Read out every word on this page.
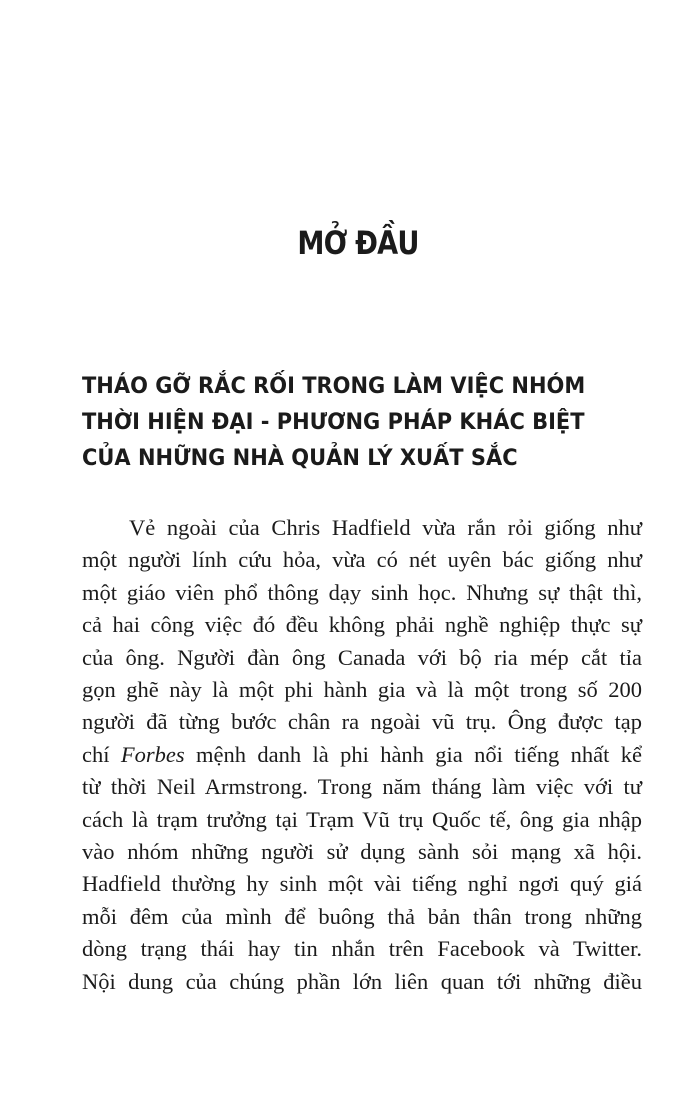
MỞ ĐẦU
THÁO GỠ RẮC RỐI TRONG LÀM VIỆC NHÓM
THỜI HIỆN ĐẠI - PHƯƠNG PHÁP KHÁC BIỆT
CỦA NHỮNG NHÀ QUẢN LÝ XUẤT SẮC
Vẻ ngoài của Chris Hadfield vừa rắn rỏi giống như
một người lính cứu hỏa, vừa có nét uyên bác giống như
một giáo viên phổ thông dạy sinh học. Nhưng sự thật thì,
cả hai công việc đó đều không phải nghề nghiệp thực sự
của ông. Người đàn ông Canada với bộ ria mép cắt tỉa
gọn ghẽ này là một phi hành gia và là một trong số 200
người đã từng bước chân ra ngoài vũ trụ. Ông được tạp
chí Forbes mệnh danh là phi hành gia nổi tiếng nhất kể
từ thời Neil Armstrong. Trong năm tháng làm việc với tư
cách là trạm trưởng tại Trạm Vũ trụ Quốc tế, ông gia nhập
vào nhóm những người sử dụng sành sỏi mạng xã hội.
Hadfield thường hy sinh một vài tiếng nghỉ ngơi quý giá
mỗi đêm của mình để buông thả bản thân trong những
dòng trạng thái hay tin nhắn trên Facebook và Twitter.
Nội dung của chúng phần lớn liên quan tới những điều
